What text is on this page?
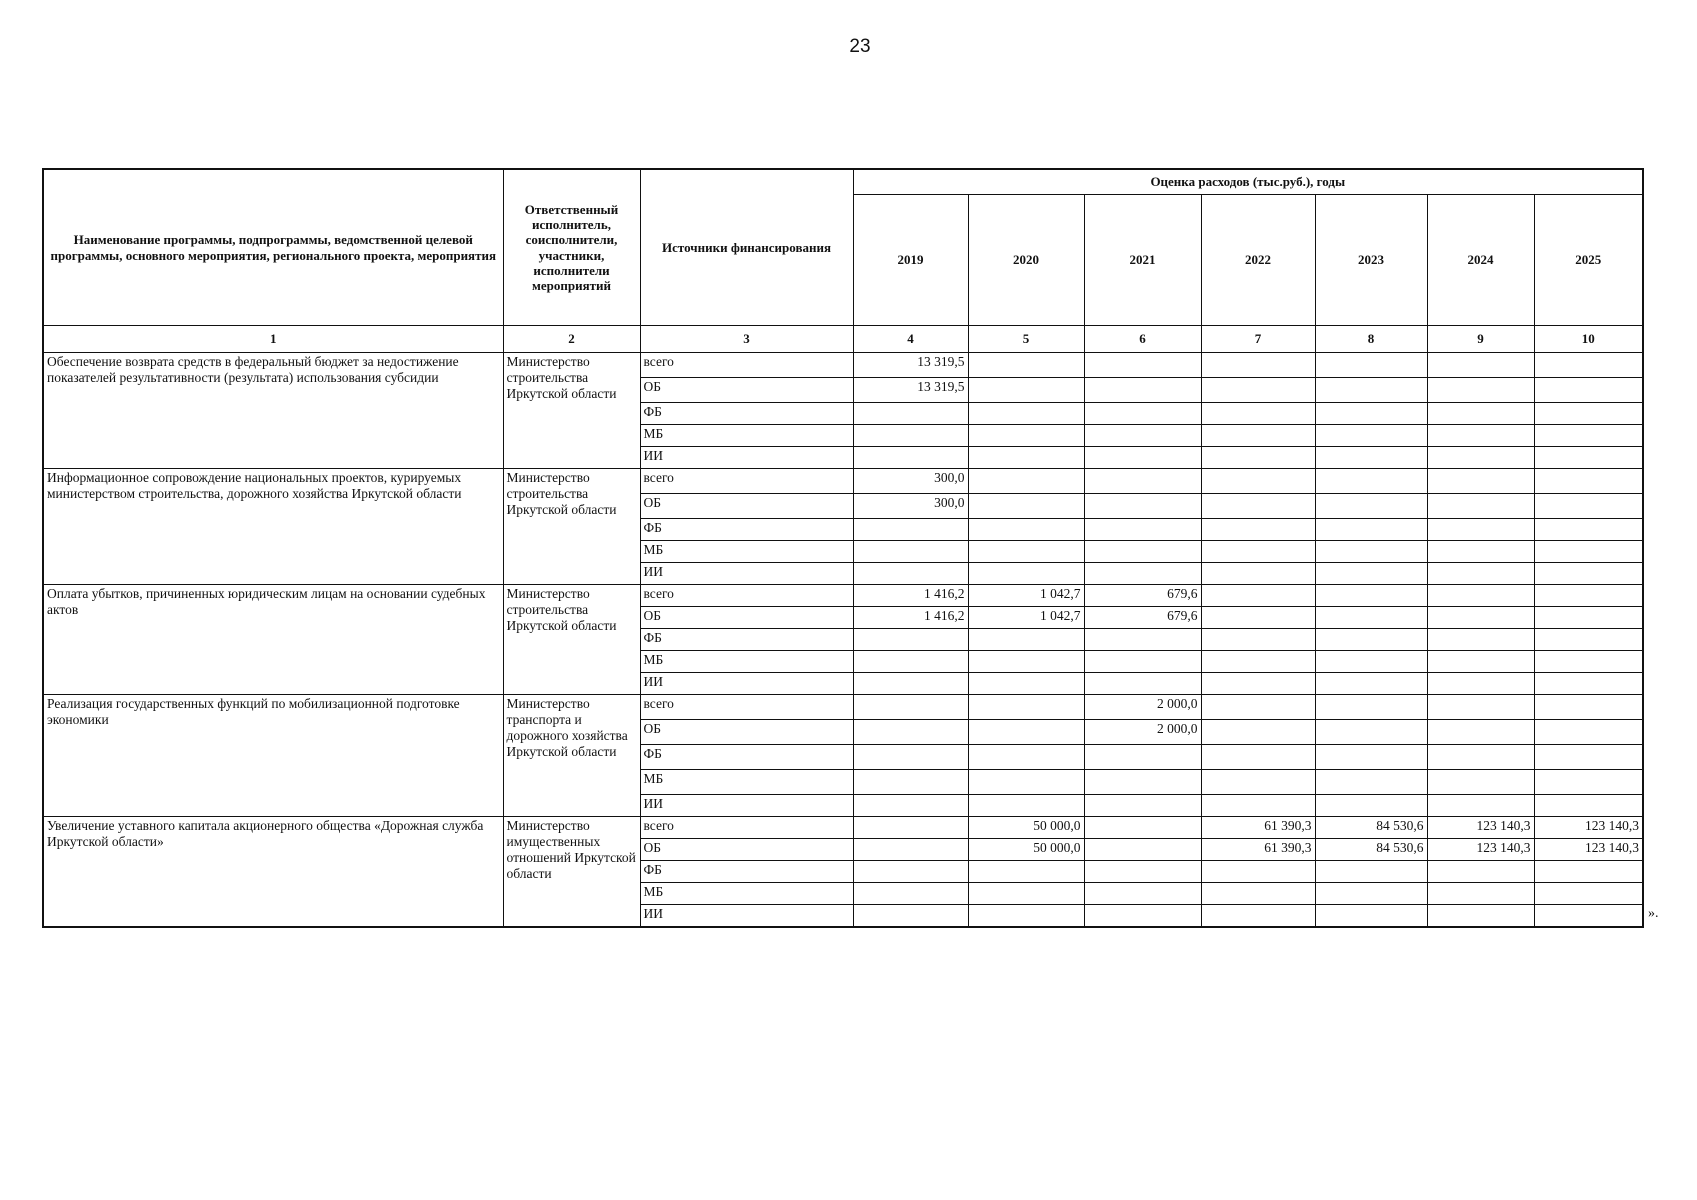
23
Наименование программы, подпрограммы, ведомственной целевой программы, основного мероприятия, регионального проекта, мероприятия	Ответственный исполнитель, соисполнители, участники, исполнители мероприятий	Источники финансирования	Оценка расходов (тыс.руб.), годы						
			2019	2020	2021	2022	2023	2024	2025
1	2	3	4	5	6	7	8	9	10
Обеспечение возврата средств в федеральный бюджет за недостижение показателей результативности (результата) использования субсидии	Министерство строительства Иркутской области	всего	13 319,5						
		ОБ	13 319,5						
		ФБ							
		МБ							
		ИИ							
Информационное сопровождение национальных проектов, курируемых министерством строительства, дорожного хозяйства Иркутской области	Министерство строительства Иркутской области	всего	300,0						
		ОБ	300,0						
		ФБ							
		МБ							
		ИИ							
Оплата убытков, причиненных юридическим лицам на основании судебных актов	Министерство строительства Иркутской области	всего	1 416,2	1 042,7	679,6				
		ОБ	1 416,2	1 042,7	679,6				
		ФБ							
		МБ							
		ИИ							
Реализация государственных функций по мобилизационной подготовке экономики	Министерство транспорта и дорожного хозяйства Иркутской области	всего			2 000,0				
		ОБ			2 000,0				
		ФБ							
		МБ							
		ИИ							
Увеличение уставного капитала акционерного общества «Дорожная служба Иркутской области»	Министерство имущественных отношений Иркутской области	всего		50 000,0		61 390,3	84 530,6	123 140,3	123 140,3
		ОБ		50 000,0		61 390,3	84 530,6	123 140,3	123 140,3
		ФБ							
		МБ							
		ИИ								».
